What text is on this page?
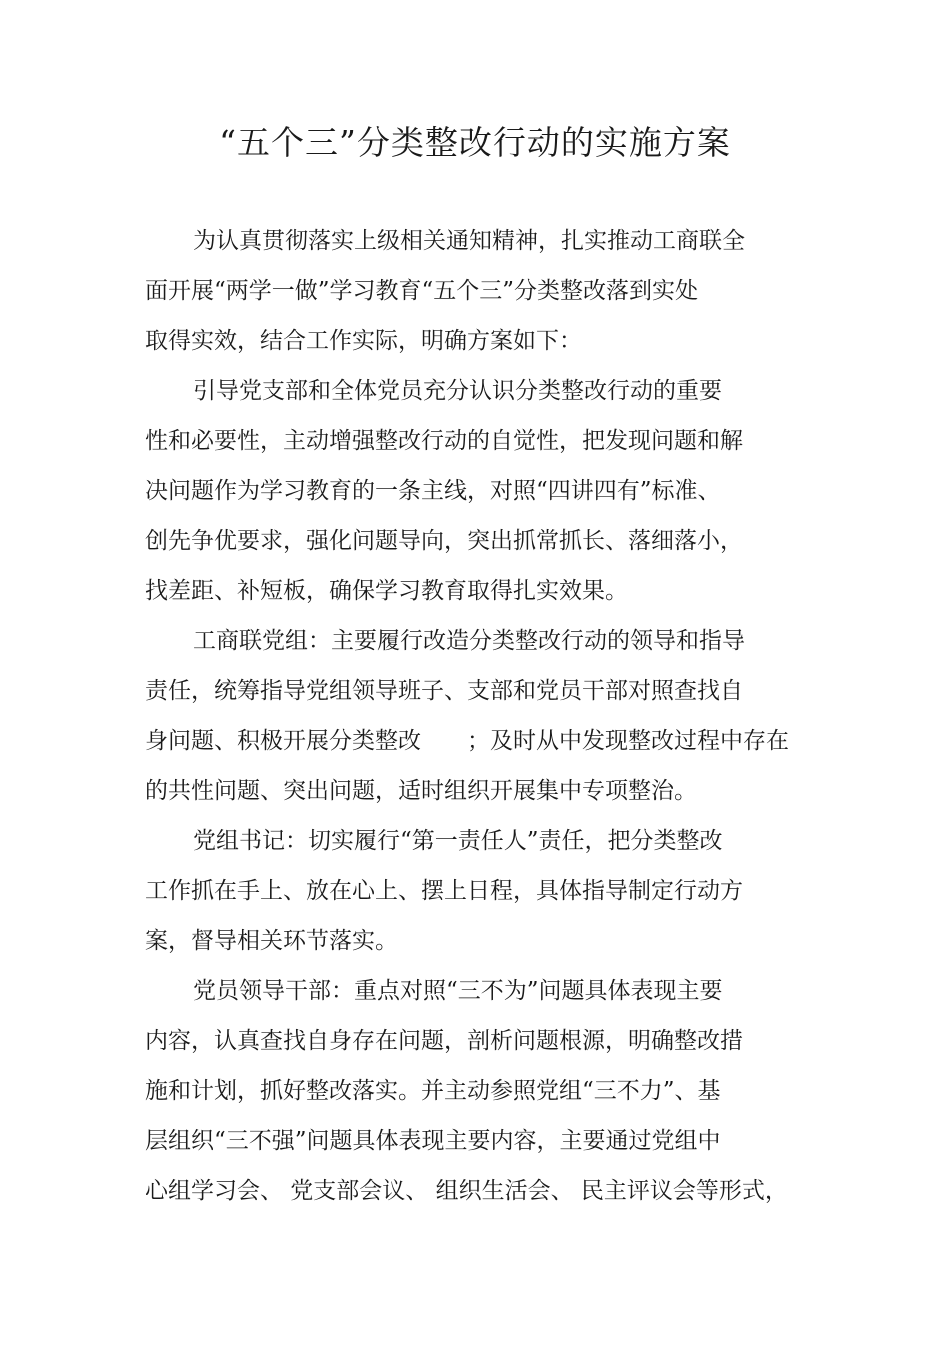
“五个三”分类整改行动的实施方案
为认真贯彻落实上级相关通知精神，扎实推动工商联全
面开展“两学一做”学习教育“五个三”分类整改落到实处
取得实效，结合工作实际，明确方案如下：
引导党支部和全体党员充分认识分类整改行动的重要
性和必要性，主动增强整改行动的自觉性，把发现问题和解
决问题作为学习教育的一条主线，对照“四讲四有”标准、
创先争优要求，强化问题导向，突出抓常抓长、落细落小，
找差距、补短板，确保学习教育取得扎实效果。
工商联党组：主要履行改造分类整改行动的领导和指导
责任，统筹指导党组领导班子、支部和党员干部对照查找自
身问题、积极开展分类整改　　；及时从中发现整改过程中存在
的共性问题、突出问题，适时组织开展集中专项整治。
党组书记：切实履行“第一责任人”责任，把分类整改
工作抓在手上、放在心上、摆上日程，具体指导制定行动方
案，督导相关环节落实。
党员领导干部：重点对照“三不为”问题具体表现主要
内容，认真查找自身存在问题，剖析问题根源，明确整改措
施和计划，抓好整改落实。并主动参照党组“三不力”、基
层组织“三不强”问题具体表现主要内容，主要通过党组中
心组学习会、 党支部会议、 组织生活会、 民主评议会等形式，
